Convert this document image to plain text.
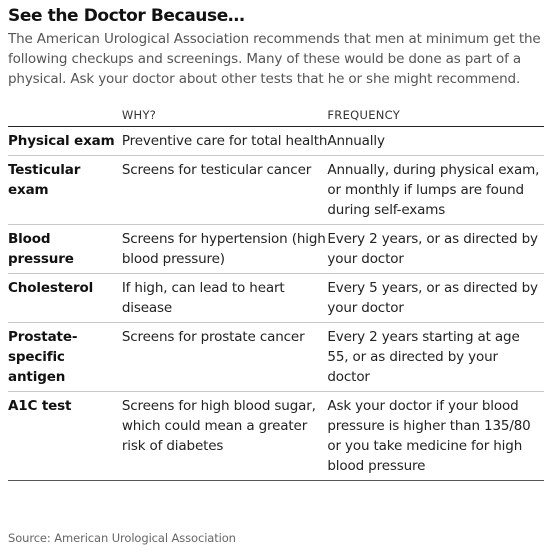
See the Doctor Because…

The American Urological Association recommends that men at minimum get the following checkups and screenings. Many of these would be done as part of a physical. Ask your doctor about other tests that he or she might recommend.

	WHY?	FREQUENCY
Physical exam	Preventive care for total health	Annually
Testicular exam	Screens for testicular cancer	Annually, during physical exam, or monthly if lumps are found during self-exams
Blood pressure	Screens for hypertension (high blood pressure)	Every 2 years, or as directed by your doctor
Cholesterol	If high, can lead to heart disease	Every 5 years, or as directed by your doctor
Prostate-specific antigen	Screens for prostate cancer	Every 2 years starting at age 55, or as directed by your doctor
A1C test	Screens for high blood sugar, which could mean a greater risk of diabetes	Ask your doctor if your blood pressure is higher than 135/80 or you take medicine for high blood pressure

Source: American Urological Association
